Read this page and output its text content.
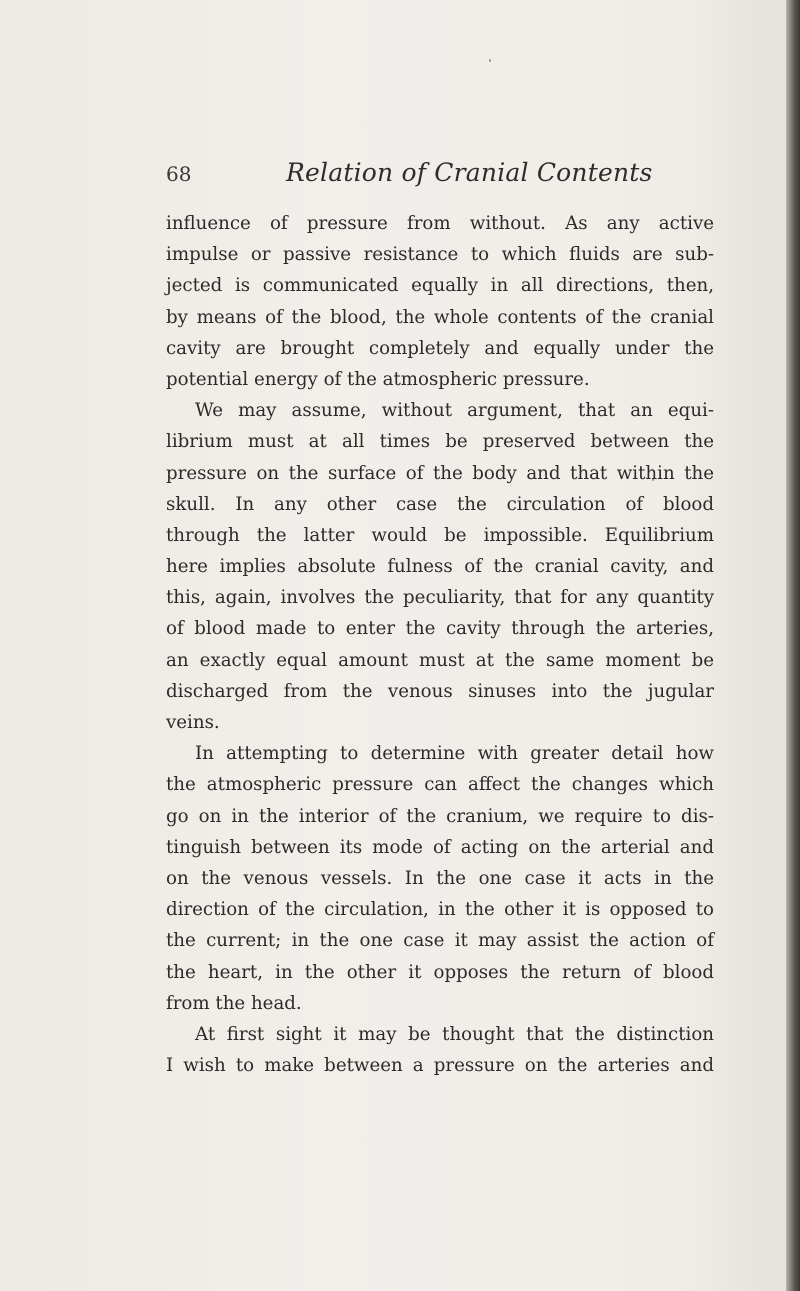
68	Relation of Cranial Contents
influence of pressure from without. As any active
impulse or passive resistance to which fluids are sub-
jected is communicated equally in all directions, then,
by means of the blood, the whole contents of the cranial
cavity are brought completely and equally under the
potential energy of the atmospheric pressure.
We may assume, without argument, that an equi-
librium must at all times be preserved between the
pressure on the surface of the body and that within the
skull. In any other case the circulation of blood
through the latter would be impossible. Equilibrium
here implies absolute fulness of the cranial cavity, and
this, again, involves the peculiarity, that for any quantity
of blood made to enter the cavity through the arteries,
an exactly equal amount must at the same moment be
discharged from the venous sinuses into the jugular
veins.
In attempting to determine with greater detail how
the atmospheric pressure can affect the changes which
go on in the interior of the cranium, we require to dis-
tinguish between its mode of acting on the arterial and
on the venous vessels. In the one case it acts in the
direction of the circulation, in the other it is opposed to
the current; in the one case it may assist the action of
the heart, in the other it opposes the return of blood
from the head.
At first sight it may be thought that the distinction
I wish to make between a pressure on the arteries and
